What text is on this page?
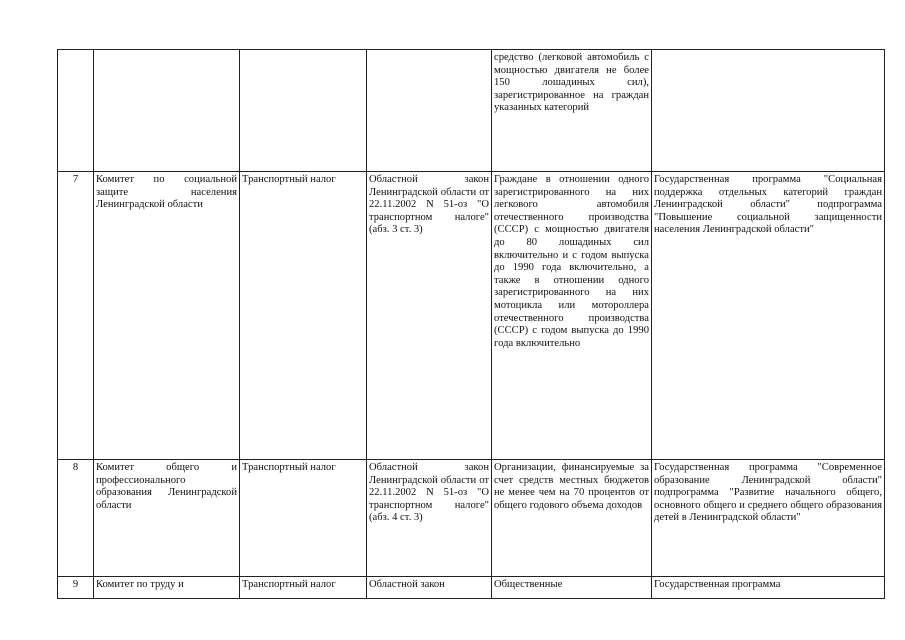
				средство (легковой автомобиль с мощностью двигателя не более 150 лошадиных сил), зарегистрированное на граждан указанных категорий	
7	Комитет по социальной защите населения Ленинградской области	Транспортный налог	Областной закон Ленинградской области от 22.11.2002 N 51-оз "О транспортном налоге" (абз. 3 ст. 3)	Граждане в отношении одного зарегистрированного на них легкового автомобиля отечественного производства (СССР) с мощностью двигателя до 80 лошадиных сил включительно и с годом выпуска до 1990 года включительно, а также в отношении одного зарегистрированного на них мотоцикла или мотороллера отечественного производства (СССР) с годом выпуска до 1990 года включительно	Государственная программа "Социальная поддержка отдельных категорий граждан Ленинградской области" подпрограмма "Повышение социальной защищенности населения Ленинградской области"
8	Комитет общего и профессионального образования Ленинградской области	Транспортный налог	Областной закон Ленинградской области от 22.11.2002 N 51-оз "О транспортном налоге" (абз. 4 ст. 3)	Организации, финансируемые за счет средств местных бюджетов не менее чем на 70 процентов от общего годового объема доходов	Государственная программа "Современное образование Ленинградской области" подпрограмма "Развитие начального общего, основного общего и среднего общего образования детей в Ленинградской области"
9	Комитет по труду и	Транспортный налог	Областной закон	Общественные	Государственная программа
